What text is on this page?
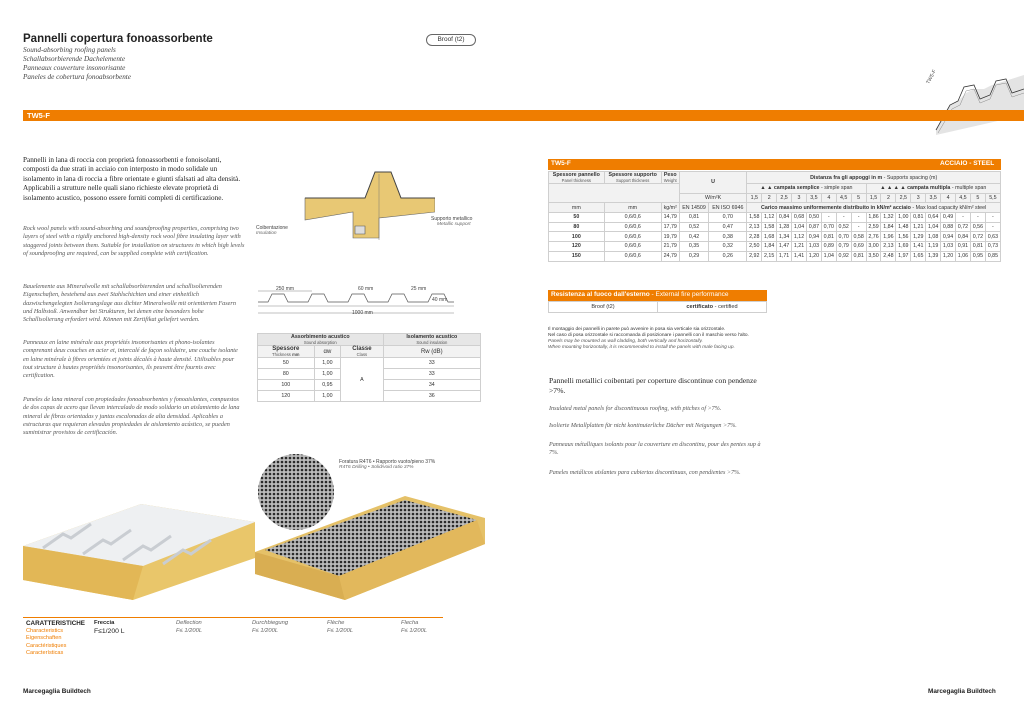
Pannelli copertura fonoassorbente
Sound-absorbing roofing panels
Schallabsorbierende Dachelemente
Panneaux couverture insonorisante
Paneles de cobertura fonoabsorbente
Broof (t2)
TW5-F
TW5-F
Pannelli in lana di roccia con proprietà fonoassorbenti e fonoisolanti, composti da due strati in acciaio con interposto in modo solidale un isolamento in lana di roccia a fibre orientate e giunti sfalsati ad alta densità. Applicabili a strutture nelle quali siano richieste elevate proprietà di isolamento acustico, possono essere forniti completi di certificazione.
Rock wool panels with sound-absorbing and soundproofing properties, comprising two layers of steel with a rigidly anchored high-density rock wool fibre insulating layer with staggered joints between them. Suitable for installation on structures in which high levels of soundproofing are required, can be supplied complete with certification.
Bauelemente aus Mineralwolle mit schallabsorbierenden und schallisolierenden Eigenschaften, bestehend aus zwei Stahlschichten und einer einheitlich dazwischengelegten Isolierungslage aus dichter Mineralwolle mit orientierten Fasern und Halbstoß. Anwendbar bei Strukturen, bei denen eine besonders hohe Schallisolierung erfordert wird. Können mit Zertifikat geliefert werden.
Panneaux en laine minérale aux propriétés insonorisantes et phono-isolantes comprenant deux couches en acier et, intercalé de façon solidaire, une couche isolante en laine minérale à fibres orientées et joints décalés à haute densité. Utilisables pour tout structure à hautes propriétés insonorisantes, ils peuvent être fournis avec certification.
Paneles de lana mineral con propiedades fonoabsorbentes y fonoaislantes, compuestos de dos capas de acero que llevan intercalado de modo solidario un aislamiento de lana mineral de fibras orientadas y juntas escalonadas de alta densidad. Aplicables a estructuras que requieran elevadas propiedades de aislamiento acústico, se pueden suministrar provistos de certificación.
Coibentazione
Insulation
Supporto metallico
Metallic support
250 mm	60 mm	25 mm
40 mm
1000 mm
Assorbimento acustico
Sound absorption			Isolamento acustico
Sound insulation

Spessore
Thickness mm	αw	Classe
Class	Rw (dB)
50	1,00	A	33
80	1,00		33
100	0,95		34
120	1,00		36
Foratura R4T6 • Rapporto vuoto/pieno 37%
R4T6 Drilling • Solid/void ratio 37%
TW5-F	ACCIAIO - STEEL
Spessore pannello
Panel thickness	Spessore supporto
Support thickness	Peso
Weight	U		Distanza fra gli appoggi in m - Supports spacing (m)																
					▲ ▲ campata semplice - simple span								▲ ▲ ▲ ▲ campata multipla - multiple span								
			W/m²K		1,5	2	2,5	3	3,5	4	4,5	5	1,5	2	2,5	3	3,5	4	4,5	5	5,5
mm	mm	kg/m²	EN 14509	EN ISO 6946	Carico massimo uniformemente distribuito in kN/m² acciaio - Max load capacity kN/m² steel																
50	0,6/0,6	14,79	0,81	0,70	1,58	1,12	0,84	0,68	0,50	-	-	-	1,86	1,32	1,00	0,81	0,64	0,49	-	-	-
80	0,6/0,6	17,79	0,52	0,47	2,13	1,58	1,28	1,04	0,87	0,70	0,52	-	2,59	1,84	1,48	1,21	1,04	0,88	0,72	0,56	-
100	0,6/0,6	19,79	0,42	0,38	2,28	1,68	1,34	1,12	0,94	0,81	0,70	0,58	2,76	1,96	1,56	1,29	1,08	0,94	0,84	0,72	0,63
120	0,6/0,6	21,79	0,35	0,32	2,50	1,84	1,47	1,21	1,03	0,89	0,79	0,69	3,00	2,13	1,69	1,41	1,19	1,03	0,91	0,81	0,73
150	0,6/0,6	24,79	0,29	0,26	2,92	2,15	1,71	1,41	1,20	1,04	0,92	0,81	3,50	2,48	1,97	1,65	1,39	1,20	1,06	0,95	0,85
Resistenza al fuoco dall'esterno - External fire performance
Broof (t2)	certificato - certified
Il montaggio dei pannelli in parete può avvenire in posa sia verticale sia orizzontale.
Nel caso di posa orizzontale si raccomanda di posizionare i pannelli con il maschio verso l'alto.
Panels may be mounted as wall cladding, both vertically and horizontally.
When mounting horizontally, it is recommended to install the panels with male facing up.
Pannelli metallici coibentati per coperture discontinue con pendenze >7%.
Insulated metal panels for discontinuous roofing, with pitches of >7%.
Isolierte Metallplatten für nicht kontinuierliche Dächer mit Neigungen >7%.
Panneaux métalliques isolants pour la couverture en discontinu, pour des pentes sup à 7%.
Paneles metálicos aislantes para cubiertas discontinuas, con pendientes >7%.
CARATTERISTICHE
Characteristics
Eigenschaften
Caractéristiques
Características
Freccia
F≤1/200 L
Deflection
F≤ 1/200L
Durchbiegung
F≤ 1/200L
Flèche
F≤ 1/200L
Flecha
F≤ 1/200L
Marcegaglia Buildtech	Marcegaglia Buildtech
